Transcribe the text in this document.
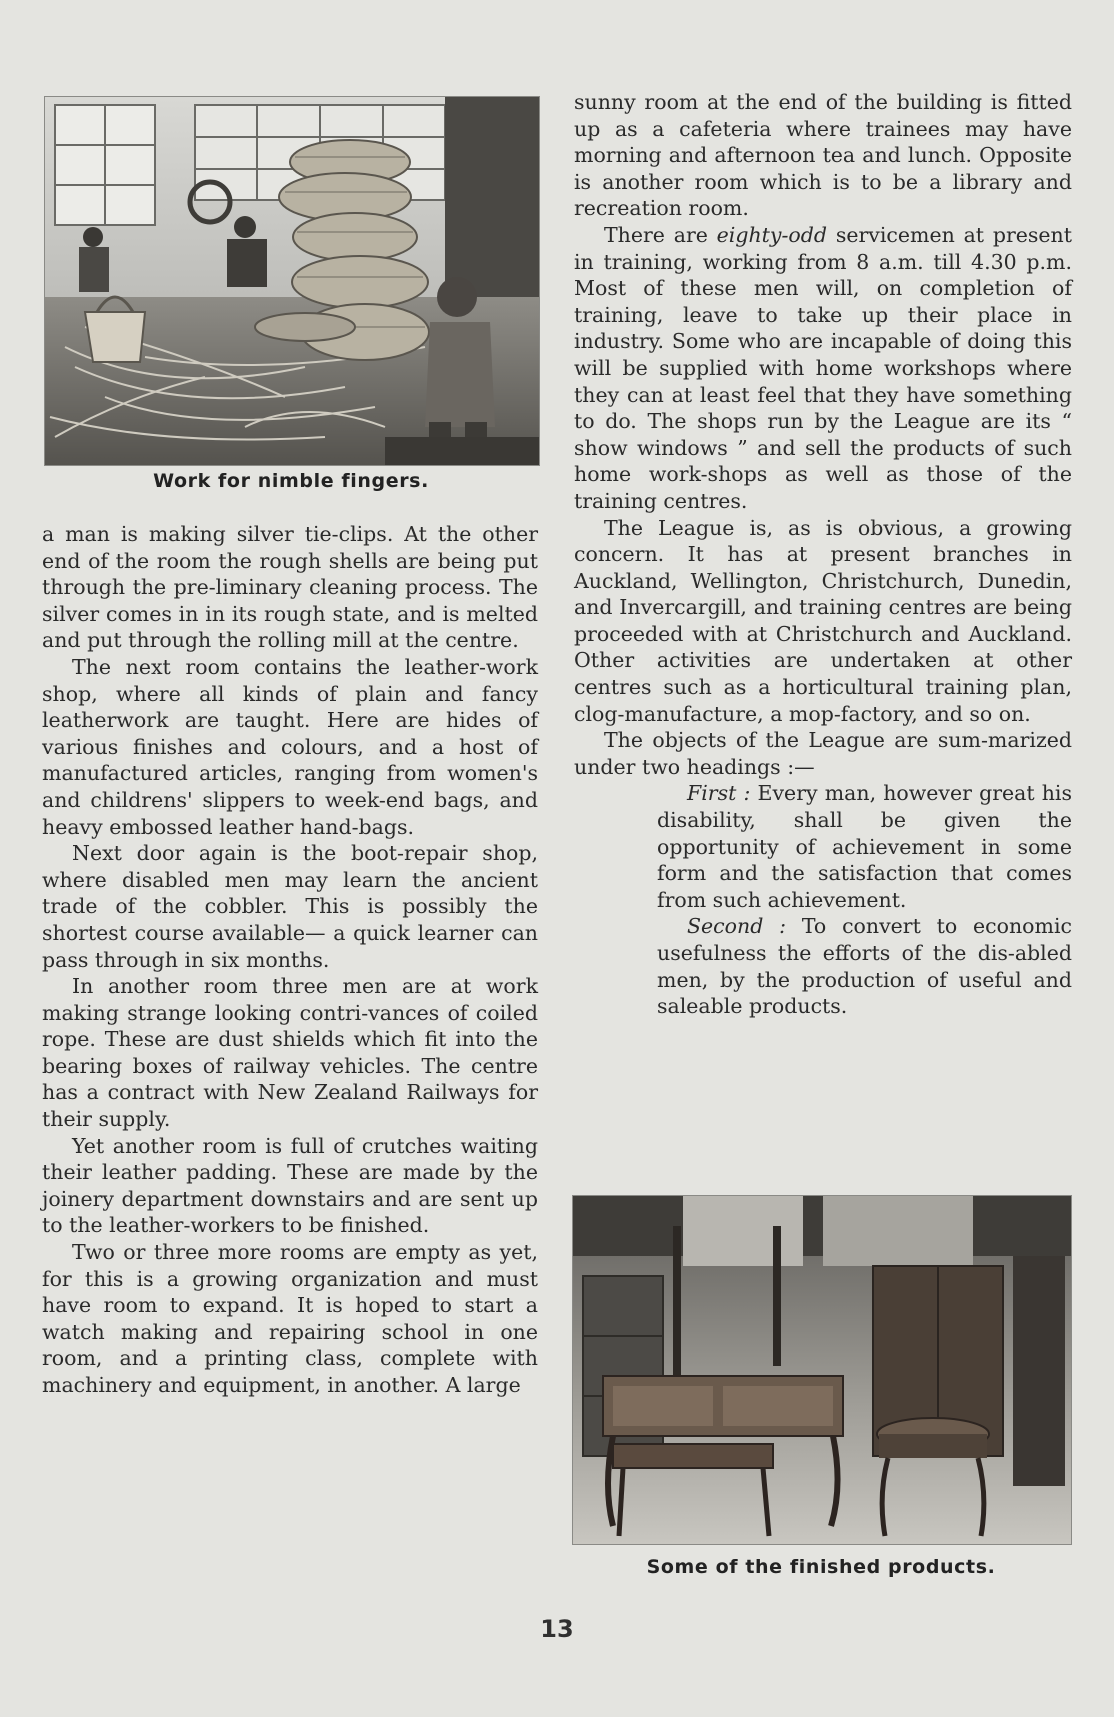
Work for nimble fingers.

a man is making silver tie-clips. At the other end of the room the rough shells are being put through the pre-liminary cleaning process. The silver comes in in its rough state, and is melted and put through the rolling mill at the centre.

The next room contains the leather-work shop, where all kinds of plain and fancy leatherwork are taught. Here are hides of various finishes and colours, and a host of manufactured articles, ranging from women's and childrens' slippers to week-end bags, and heavy embossed leather hand-bags.

Next door again is the boot-repair shop, where disabled men may learn the ancient trade of the cobbler. This is possibly the shortest course available— a quick learner can pass through in six months.

In another room three men are at work making strange looking contri-vances of coiled rope. These are dust shields which fit into the bearing boxes of railway vehicles. The centre has a contract with New Zealand Railways for their supply.

Yet another room is full of crutches waiting their leather padding. These are made by the joinery department downstairs and are sent up to the leather-workers to be finished.

Two or three more rooms are empty as yet, for this is a growing organization and must have room to expand. It is hoped to start a watch making and repairing school in one room, and a printing class, complete with machinery and equipment, in another. A large

sunny room at the end of the building is fitted up as a cafeteria where trainees may have morning and afternoon tea and lunch. Opposite is another room which is to be a library and recreation room.

There are eighty-odd servicemen at present in training, working from 8 a.m. till 4.30 p.m. Most of these men will, on completion of training, leave to take up their place in industry. Some who are incapable of doing this will be supplied with home workshops where they can at least feel that they have something to do. The shops run by the League are its “ show windows ” and sell the products of such home work-shops as well as those of the training centres.

The League is, as is obvious, a growing concern. It has at present branches in Auckland, Wellington, Christchurch, Dunedin, and Invercargill, and training centres are being proceeded with at Christchurch and Auckland. Other activities are undertaken at other centres such as a horticultural training plan, clog-manufacture, a mop-factory, and so on.

The objects of the League are sum-marized under two headings :—

First : Every man, however great his disability, shall be given the opportunity of achievement in some form and the satisfaction that comes from such achievement.

Second : To convert to economic usefulness the efforts of the dis-abled men, by the production of useful and saleable products.

Some of the finished products.
13
